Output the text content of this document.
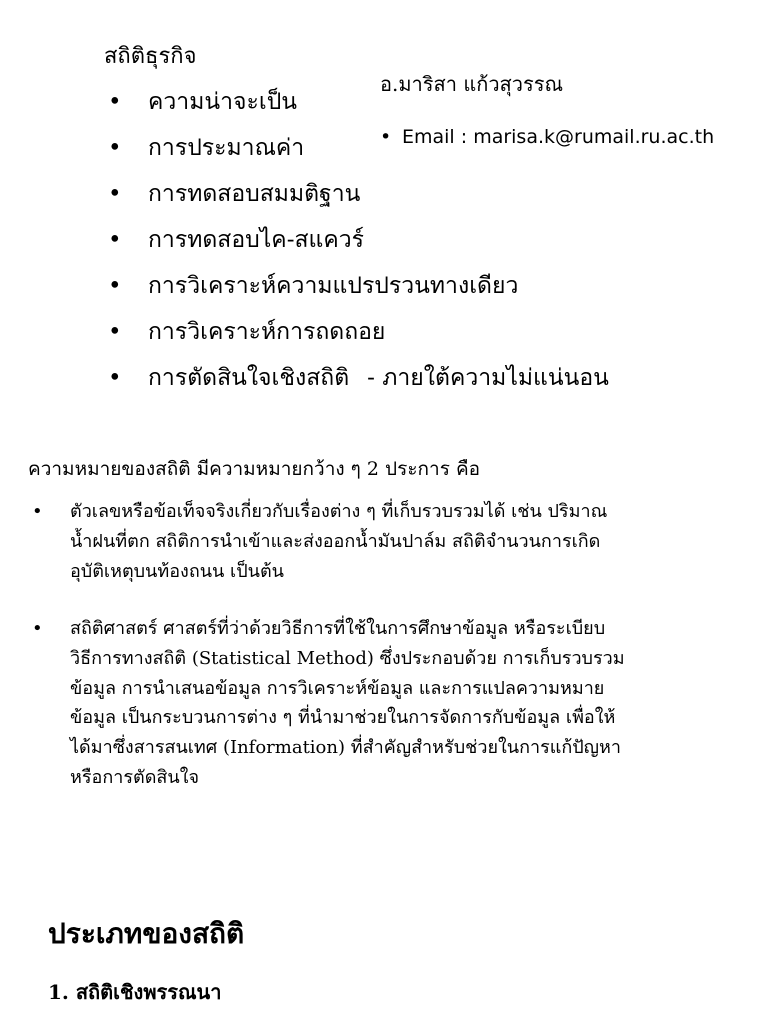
สถิติธุรกิจ
อ.มาริสา แก้วสุวรรณ
• Email : marisa.k@rumail.ru.ac.th
• ความน่าจะเป็น
• การประมาณค่า
• การทดสอบสมมติฐาน
• การทดสอบไค-สแควร์
• การวิเคราะห์ความแปรปรวนทางเดียว
• การวิเคราะห์การถดถอย
• การตัดสินใจเชิงสถิติ - ภายใต้ความไม่แน่นอน
ความหมายของสถิติ มีความหมายกว้าง ๆ 2 ประการ คือ
•	ตัวเลขหรือข้อเท็จจริงเกี่ยวกับเรื่องต่าง ๆ ที่เก็บรวบรวมได้ เช่น ปริมาณ
น้ำฝนที่ตก สถิติการนำเข้าและส่งออกน้ำมันปาล์ม สถิติจำนวนการเกิด
อุบัติเหตุบนท้องถนน เป็นต้น
•	สถิติศาสตร์ ศาสตร์ที่ว่าด้วยวิธีการที่ใช้ในการศึกษาข้อมูล หรือระเบียบ
วิธีการทางสถิติ (Statistical Method) ซึ่งประกอบด้วย การเก็บรวบรวม
ข้อมูล การนำเสนอข้อมูล การวิเคราะห์ข้อมูล และการแปลความหมาย
ข้อมูล เป็นกระบวนการต่าง ๆ ที่นำมาช่วยในการจัดการกับข้อมูล เพื่อให้
ได้มาซึ่งสารสนเทศ (Information) ที่สำคัญสำหรับช่วยในการแก้ปัญหา
หรือการตัดสินใจ
ประเภทของสถิติ
1. สถิติเชิงพรรณนา
